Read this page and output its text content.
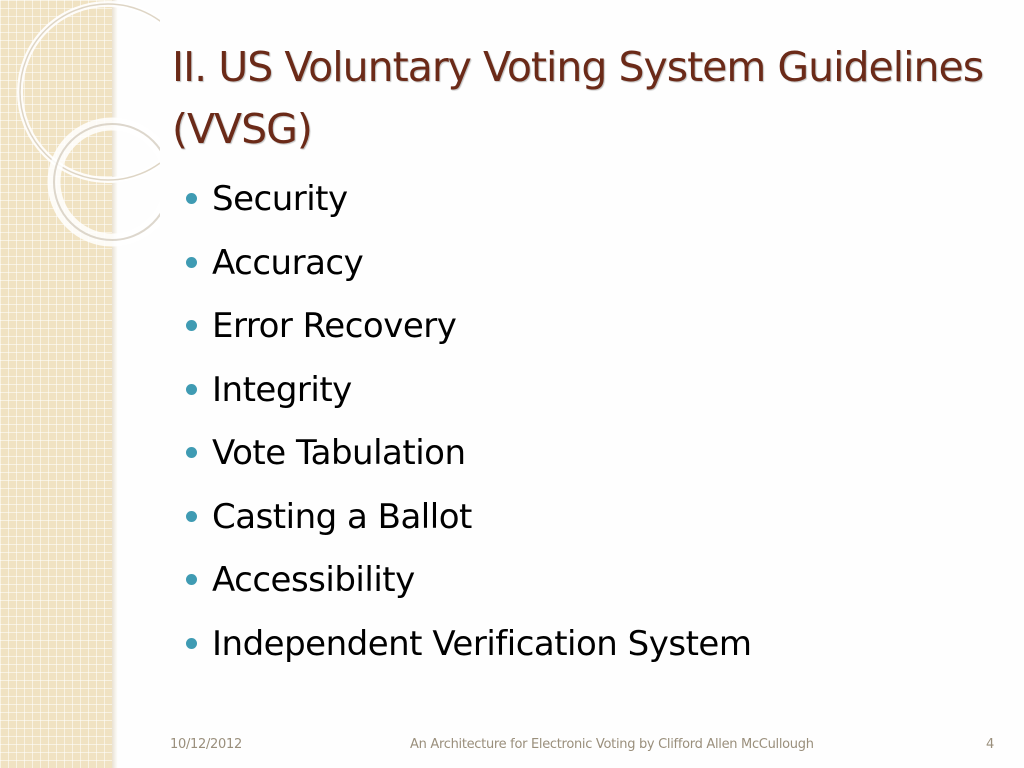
II. US Voluntary Voting System Guidelines (VVSG)
Security
Accuracy
Error Recovery
Integrity
Vote Tabulation
Casting a Ballot
Accessibility
Independent Verification System
10/12/2012	An Architecture for Electronic Voting by Clifford Allen McCullough	4
